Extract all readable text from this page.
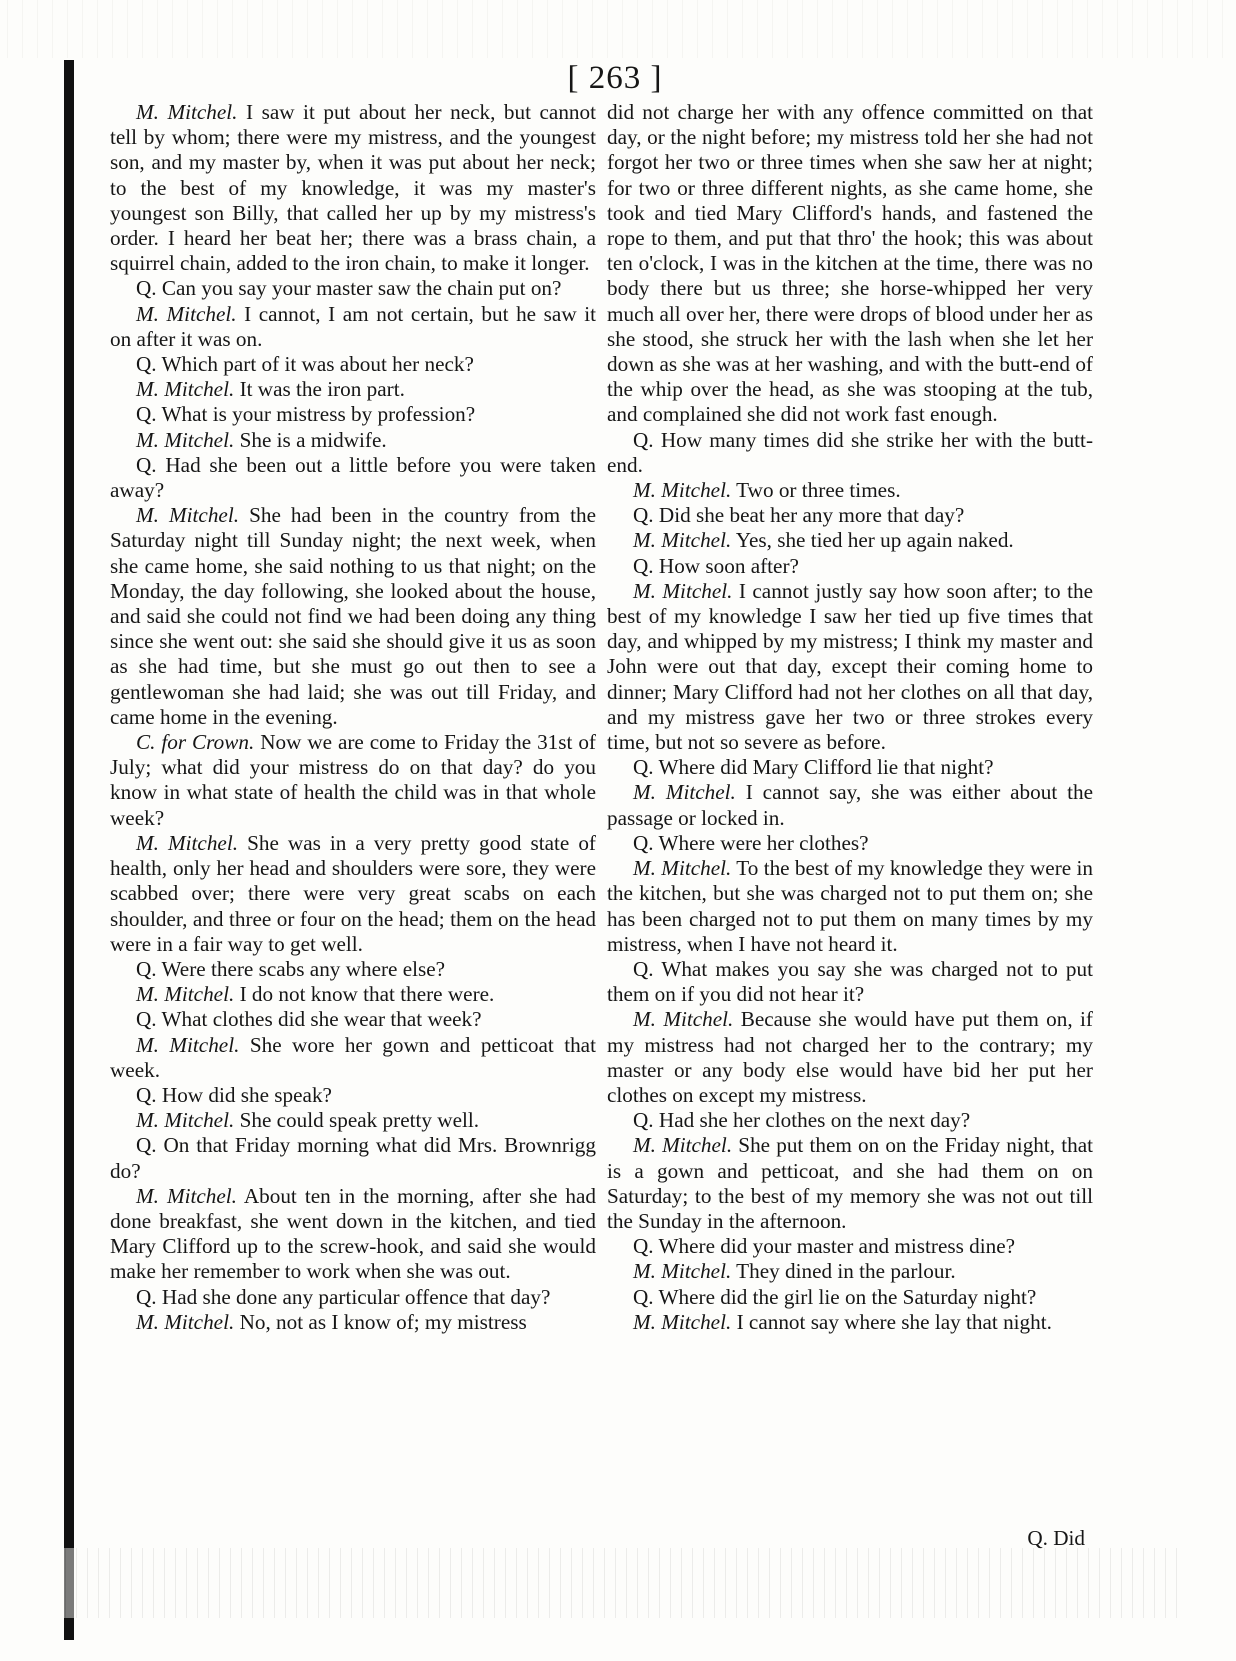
[ 263 ]

M. Mitchel. I saw it put about her neck, but cannot tell by whom; there were my mistress, and the youngest son, and my master by, when it was put about her neck; to the best of my knowledge, it was my master's youngest son Billy, that called her up by my mistress's order. I heard her beat her; there was a brass chain, a squirrel chain, added to the iron chain, to make it longer.

Q. Can you say your master saw the chain put on?

M. Mitchel. I cannot, I am not certain, but he saw it on after it was on.

Q. Which part of it was about her neck?

M. Mitchel. It was the iron part.

Q. What is your mistress by profession?

M. Mitchel. She is a midwife.

Q. Had she been out a little before you were taken away?

M. Mitchel. She had been in the country from the Saturday night till Sunday night; the next week, when she came home, she said nothing to us that night; on the Monday, the day following, she looked about the house, and said she could not find we had been doing any thing since she went out: she said she should give it us as soon as she had time, but she must go out then to see a gentlewoman she had laid; she was out till Friday, and came home in the evening.

C. for Crown. Now we are come to Friday the 31st of July; what did your mistress do on that day? do you know in what state of health the child was in that whole week?

M. Mitchel. She was in a very pretty good state of health, only her head and shoulders were sore, they were scabbed over; there were very great scabs on each shoulder, and three or four on the head; them on the head were in a fair way to get well.

Q. Were there scabs any where else?

M. Mitchel. I do not know that there were.

Q. What clothes did she wear that week?

M. Mitchel. She wore her gown and petticoat that week.

Q. How did she speak?

M. Mitchel. She could speak pretty well.

Q. On that Friday morning what did Mrs. Brownrigg do?

M. Mitchel. About ten in the morning, after she had done breakfast, she went down in the kitchen, and tied Mary Clifford up to the screw-hook, and said she would make her remember to work when she was out.

Q. Had she done any particular offence that day?

M. Mitchel. No, not as I know of; my mistress

did not charge her with any offence committed on that day, or the night before; my mistress told her she had not forgot her two or three times when she saw her at night; for two or three different nights, as she came home, she took and tied Mary Clifford's hands, and fastened the rope to them, and put that thro' the hook; this was about ten o'clock, I was in the kitchen at the time, there was no body there but us three; she horse-whipped her very much all over her, there were drops of blood under her as she stood, she struck her with the lash when she let her down as she was at her washing, and with the butt-end of the whip over the head, as she was stooping at the tub, and complained she did not work fast enough.

Q. How many times did she strike her with the butt-end.

M. Mitchel. Two or three times.

Q. Did she beat her any more that day?

M. Mitchel. Yes, she tied her up again naked.

Q. How soon after?

M. Mitchel. I cannot justly say how soon after; to the best of my knowledge I saw her tied up five times that day, and whipped by my mistress; I think my master and John were out that day, except their coming home to dinner; Mary Clifford had not her clothes on all that day, and my mistress gave her two or three strokes every time, but not so severe as before.

Q. Where did Mary Clifford lie that night?

M. Mitchel. I cannot say, she was either about the passage or locked in.

Q. Where were her clothes?

M. Mitchel. To the best of my knowledge they were in the kitchen, but she was charged not to put them on; she has been charged not to put them on many times by my mistress, when I have not heard it.

Q. What makes you say she was charged not to put them on if you did not hear it?

M. Mitchel. Because she would have put them on, if my mistress had not charged her to the contrary; my master or any body else would have bid her put her clothes on except my mistress.

Q. Had she her clothes on the next day?

M. Mitchel. She put them on on the Friday night, that is a gown and petticoat, and she had them on on Saturday; to the best of my memory she was not out till the Sunday in the afternoon.

Q. Where did your master and mistress dine?

M. Mitchel. They dined in the parlour.

Q. Where did the girl lie on the Saturday night?

M. Mitchel. I cannot say where she lay that night.

Q. Did
